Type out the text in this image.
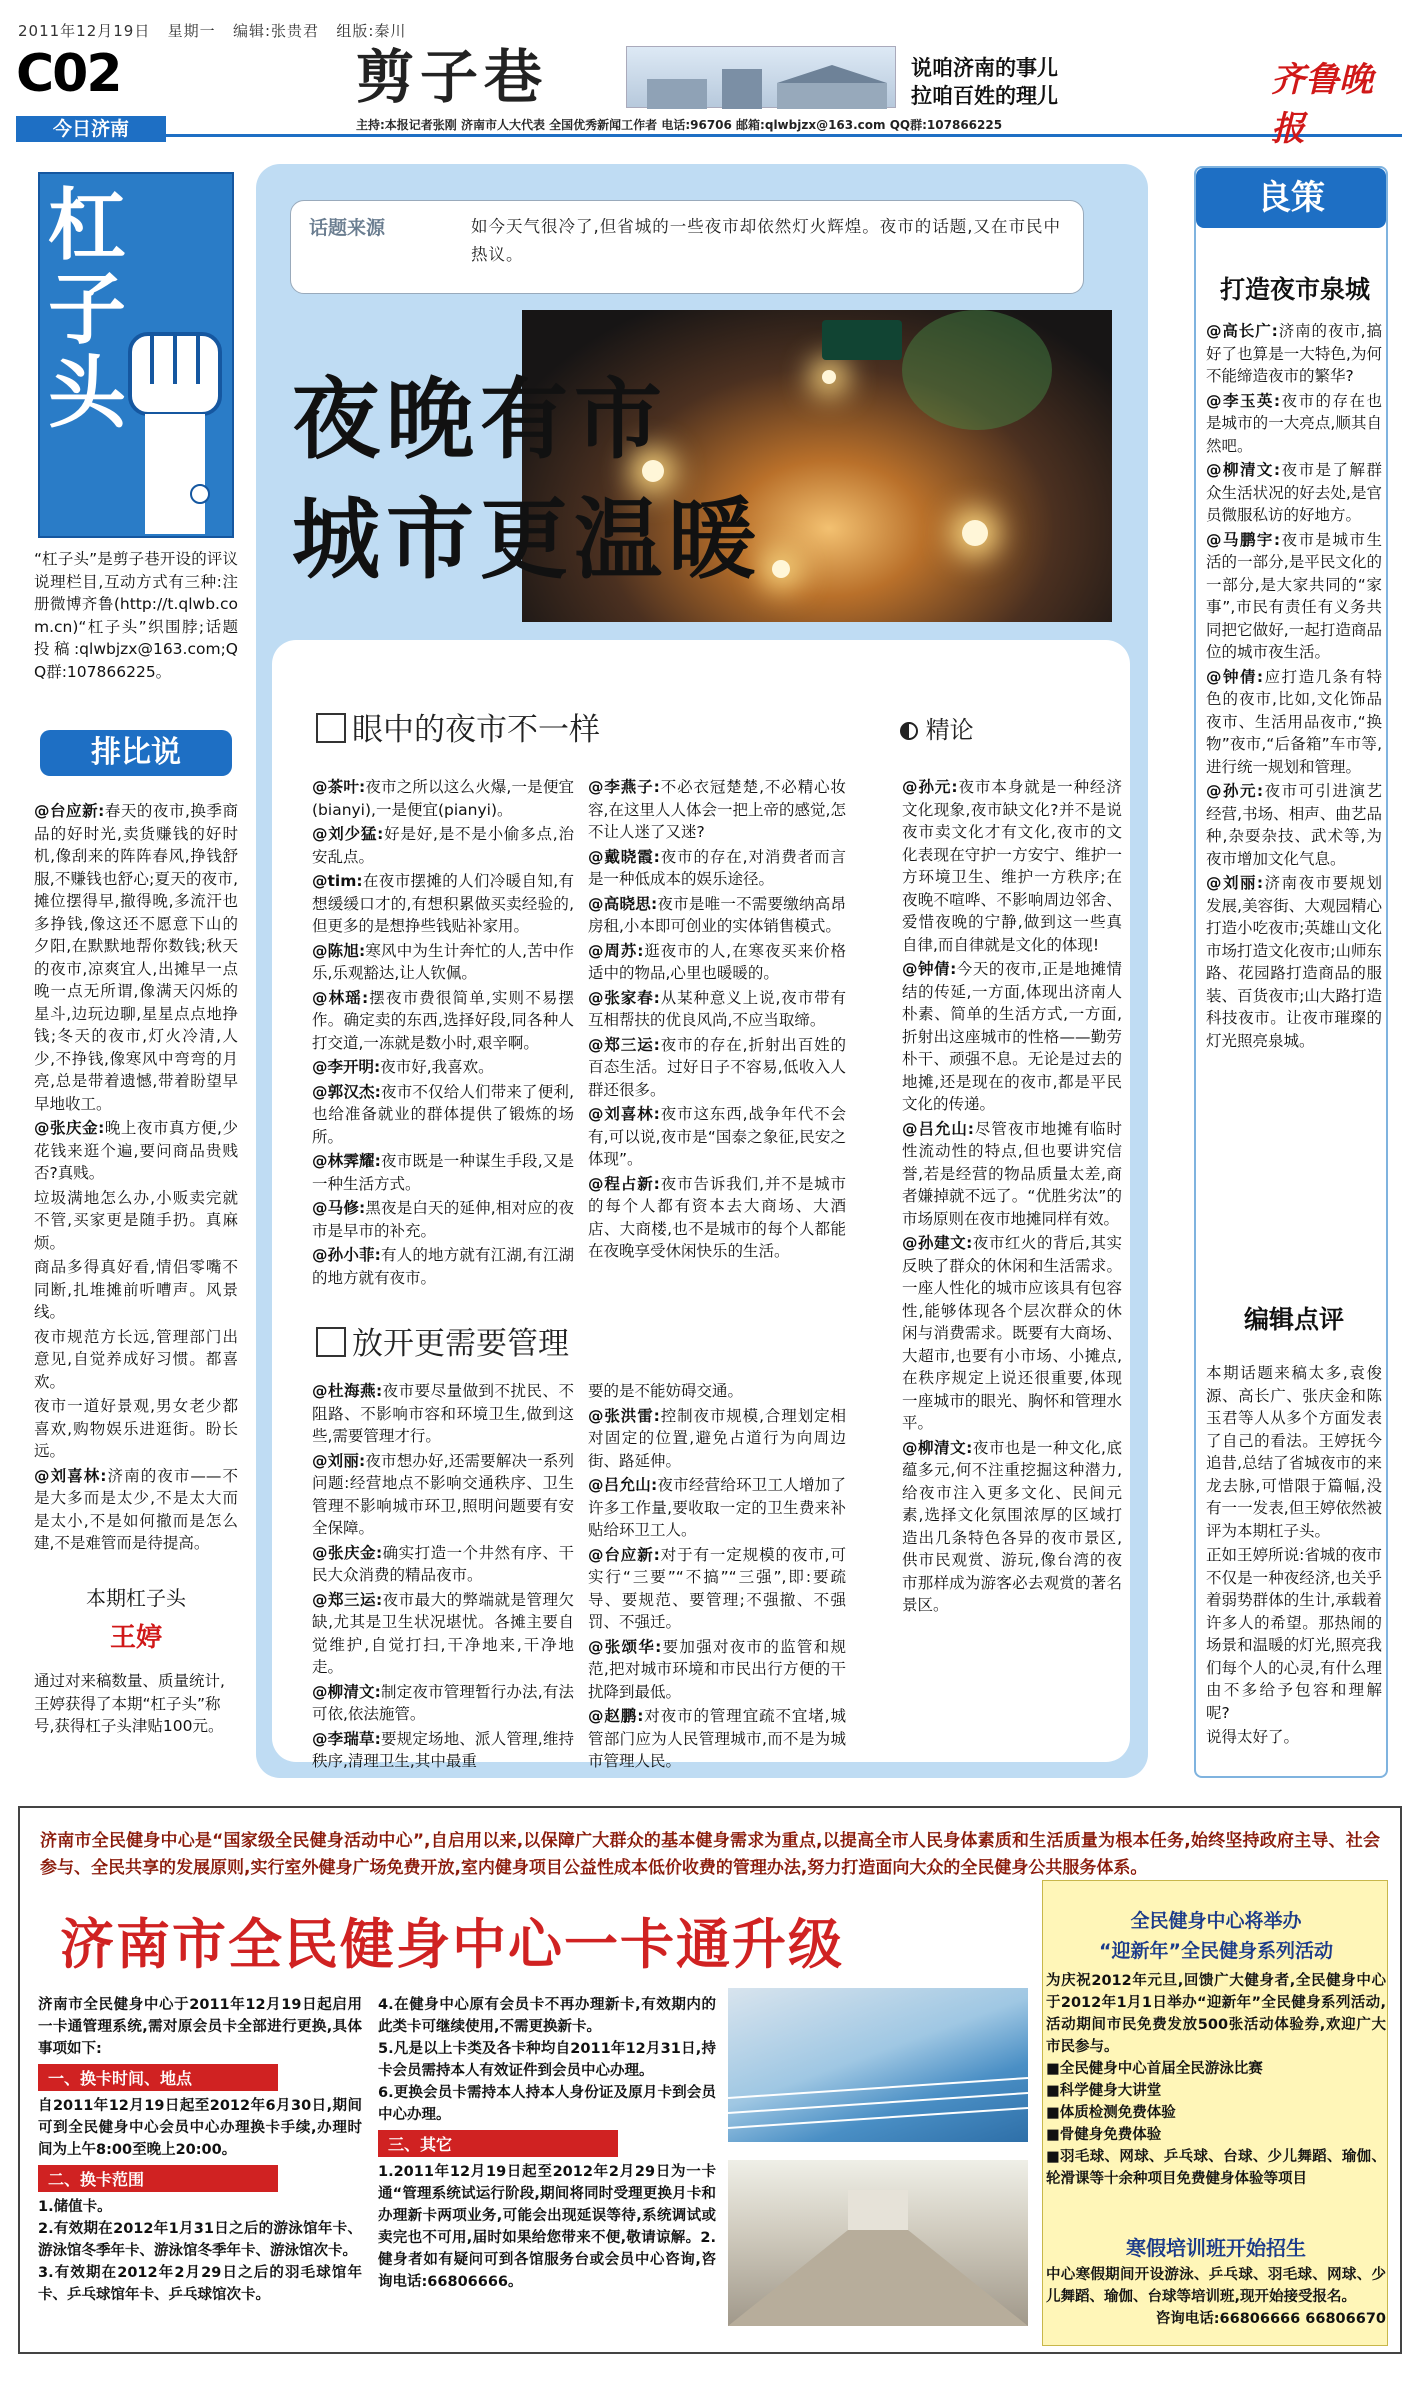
2011年12月19日 星期一 编辑:张贵君 组版:秦川
C02
今日济南
剪子巷	说咱济南的事儿
拉咱百姓的理儿	齐鲁晚报
主持:本报记者张刚 济南市人大代表 全国优秀新闻工作者 电话:96706 邮箱:qlwbjzx@163.com QQ群:107866225
杠子头

“杠子头”是剪子巷开设的评议说理栏目,互动方式有三种:注册微博齐鲁(http://t.qlwb.com.cn)“杠子头”织围脖;话题投稿:qlwbjzx@163.com;QQ群:107866225。

排比说

@台应新:春天的夜市,换季商品的好时光,卖货赚钱的好时机,像刮来的阵阵春风,挣钱舒服,不赚钱也舒心;夏天的夜市,摊位摆得早,撤得晚,多流汗也多挣钱,像这还不愿意下山的夕阳,在默默地帮你数钱;秋天的夜市,凉爽宜人,出摊早一点晚一点无所谓,像满天闪烁的星斗,边玩边聊,星星点点地挣钱;冬天的夜市,灯火冷清,人少,不挣钱,像寒风中弯弯的月亮,总是带着遗憾,带着盼望早早地收工。

@张庆金:晚上夜市真方便,少花钱来逛个遍,要问商品贵贱否?真贱。

垃圾满地怎么办,小贩卖完就不管,买家更是随手扔。真麻烦。

商品多得真好看,情侣零嘴不同断,扎堆摊前听嘈声。风景线。

夜市规范方长远,管理部门出意见,自觉养成好习惯。都喜欢。

夜市一道好景观,男女老少都喜欢,购物娱乐进逛街。盼长远。

@刘喜林:济南的夜市——不是大多而是太少,不是太大而是太小,不是如何撤而是怎么建,不是难管而是待提高。

本期杠子头
王婷

通过对来稿数量、质量统计,王婷获得了本期“杠子头”称号,获得杠子头津贴100元。

话题来源	如今天气很冷了,但省城的一些夜市却依然灯火辉煌。夜市的话题,又在市民中热议。
夜晚有市
城市更温暖
眼中的夜市不一样

@茶叶:夜市之所以这么火爆,一是便宜(bianyi),一是便宜(pianyi)。

@刘少猛:好是好,是不是小偷多点,治安乱点。

@tim:在夜市摆摊的人们冷暖自知,有想缓缓口才的,有想积累做买卖经验的,但更多的是想挣些钱贴补家用。

@陈旭:寒风中为生计奔忙的人,苦中作乐,乐观豁达,让人钦佩。

@林瑶:摆夜市费很简单,实则不易摆作。确定卖的东西,选择好段,同各种人打交道,一冻就是数小时,艰辛啊。

@李开明:夜市好,我喜欢。

@郭汉杰:夜市不仅给人们带来了便利,也给准备就业的群体提供了锻炼的场所。

@林霁耀:夜市既是一种谋生手段,又是一种生活方式。

@马修:黑夜是白天的延伸,相对应的夜市是早市的补充。

@孙小菲:有人的地方就有江湖,有江湖的地方就有夜市。

@李燕子:不必衣冠楚楚,不必精心妆容,在这里人人体会一把上帝的感觉,怎不让人迷了又迷?

@戴晓霞:夜市的存在,对消费者而言是一种低成本的娱乐途径。

@高晓思:夜市是唯一不需要缴纳高昂房租,小本即可创业的实体销售模式。

@周苏:逛夜市的人,在寒夜买来价格适中的物品,心里也暖暖的。

@张家春:从某种意义上说,夜市带有互相帮扶的优良风尚,不应当取缔。

@郑三运:夜市的存在,折射出百姓的百态生活。过好日子不容易,低收入人群还很多。

@刘喜林:夜市这东西,战争年代不会有,可以说,夜市是“国泰之象征,民安之体现”。

@程占新:夜市告诉我们,并不是城市的每个人都有资本去大商场、大酒店、大商楼,也不是城市的每个人都能在夜晚享受休闲快乐的生活。

放开更需要管理

@杜海燕:夜市要尽量做到不扰民、不阻路、不影响市容和环境卫生,做到这些,需要管理才行。

@刘丽:夜市想办好,还需要解决一系列问题:经营地点不影响交通秩序、卫生管理不影响城市环卫,照明问题要有安全保障。

@张庆金:确实打造一个井然有序、干民大众消费的精品夜市。

@郑三运:夜市最大的弊端就是管理欠缺,尤其是卫生状况堪忧。各摊主要自觉维护,自觉打扫,干净地来,干净地走。

@柳清文:制定夜市管理暂行办法,有法可依,依法施管。

@李瑞草:要规定场地、派人管理,维持秩序,清理卫生,其中最重

要的是不能妨碍交通。

@张洪雷:控制夜市规模,合理划定相对固定的位置,避免占道行为向周边街、路延伸。

@吕允山:夜市经营给环卫工人增加了许多工作量,要收取一定的卫生费来补贴给环卫工人。

@台应新:对于有一定规模的夜市,可实行“三要”“不搞”“三强”,即:要疏导、要规范、要管理;不强撤、不强罚、不强迁。

@张颂华:要加强对夜市的监管和规范,把对城市环境和市民出行方便的干扰降到最低。

@赵鹏:对夜市的管理宜疏不宜堵,城管部门应为人民管理城市,而不是为城市管理人民。

精论

@孙元:夜市本身就是一种经济文化现象,夜市缺文化?并不是说夜市卖文化才有文化,夜市的文化表现在守护一方安宁、维护一方环境卫生、维护一方秩序;在夜晚不喧哗、不影响周边邻舍、爱惜夜晚的宁静,做到这一些真自律,而自律就是文化的体现!

@钟倩:今天的夜市,正是地摊情结的传延,一方面,体现出济南人朴素、简单的生活方式,一方面,折射出这座城市的性格——勤劳朴干、顽强不息。无论是过去的地摊,还是现在的夜市,都是平民文化的传递。

@吕允山:尽管夜市地摊有临时性流动性的特点,但也要讲究信誉,若是经营的物品质量太差,商者嫌掉就不远了。“优胜劣汰”的市场原则在夜市地摊同样有效。

@孙建文:夜市红火的背后,其实反映了群众的休闲和生活需求。一座人性化的城市应该具有包容性,能够体现各个层次群众的休闲与消费需求。既要有大商场、大超市,也要有小市场、小摊点,在秩序规定上说还很重要,体现一座城市的眼光、胸怀和管理水平。

@柳清文:夜市也是一种文化,底蕴多元,何不注重挖掘这种潜力,给夜市注入更多文化、民间元素,选择文化氛围浓厚的区域打造出几条特色各异的夜市景区,供市民观赏、游玩,像台湾的夜市那样成为游客必去观赏的著名景区。

良策
打造夜市泉城

@高长广:济南的夜市,搞好了也算是一大特色,为何不能缔造夜市的繁华?

@李玉英:夜市的存在也是城市的一大亮点,顺其自然吧。

@柳清文:夜市是了解群众生活状况的好去处,是官员微服私访的好地方。

@马鹏宇:夜市是城市生活的一部分,是平民文化的一部分,是大家共同的“家事”,市民有责任有义务共同把它做好,一起打造商品位的城市夜生活。

@钟倩:应打造几条有特色的夜市,比如,文化饰品夜市、生活用品夜市,“换物”夜市,“后备箱”车市等,进行统一规划和管理。

@孙元:夜市可引进演艺经营,书场、相声、曲艺品种,杂耍杂技、武术等,为夜市增加文化气息。

@刘丽:济南夜市要规划发展,美容街、大观园精心打造小吃夜市;英雄山文化市场打造文化夜市;山师东路、花园路打造商品的服装、百货夜市;山大路打造科技夜市。让夜市璀璨的灯光照亮泉城。

编辑点评

本期话题来稿太多,袁俊源、高长广、张庆金和陈玉君等人从多个方面发表了自己的看法。王婷抚今追昔,总结了省城夜市的来龙去脉,可惜限于篇幅,没有一一发表,但王婷依然被评为本期杠子头。

正如王婷所说:省城的夜市不仅是一种夜经济,也关乎着弱势群体的生计,承载着许多人的希望。那热闹的场景和温暖的灯光,照亮我们每个人的心灵,有什么理由不多给予包容和理解呢?

说得太好了。

济南市全民健身中心是“国家级全民健身活动中心”,自启用以来,以保障广大群众的基本健身需求为重点,以提高全市人民身体素质和生活质量为根本任务,始终坚持政府主导、社会参与、全民共享的发展原则,实行室外健身广场免费开放,室内健身项目公益性成本低价收费的管理办法,努力打造面向大众的全民健身公共服务体系。
济南市全民健身中心一卡通升级

济南市全民健身中心于2011年12月19日起启用一卡通管理系统,需对原会员卡全部进行更换,具体事项如下:

一、换卡时间、地点

自2011年12月19日起至2012年6月30日,期间可到全民健身中心会员中心办理换卡手续,办理时间为上午8:00至晚上20:00。

二、换卡范围

1.储值卡。

2.有效期在2012年1月31日之后的游泳馆年卡、游泳馆冬季年卡、游泳馆冬季年卡、游泳馆次卡。

3.有效期在2012年2月29日之后的羽毛球馆年卡、乒乓球馆年卡、乒乓球馆次卡。

4.在健身中心原有会员卡不再办理新卡,有效期内的此类卡可继续使用,不需更换新卡。

5.凡是以上卡类及各卡种均自2011年12月31日,持卡会员需持本人有效证件到会员中心办理。

6.更换会员卡需持本人持本人身份证及原月卡到会员中心办理。

三、其它

1.2011年12月19日起至2012年2月29日为一卡通“管理系统试运行阶段,期间将同时受理更换月卡和办理新卡两项业务,可能会出现延误等待,系统调试或卖完也不可用,届时如果给您带来不便,敬请谅解。2.健身者如有疑问可到各馆服务台或会员中心咨询,咨询电话:66806666。

全民健身中心将举办
“迎新年”全民健身系列活动

为庆祝2012年元旦,回馈广大健身者,全民健身中心于2012年1月1日举办“迎新年”全民健身系列活动,活动期间市民免费发放500张活动体验券,欢迎广大市民参与。

■全民健身中心首届全民游泳比赛

■科学健身大讲堂

■体质检测免费体验

■骨健身免费体验

■羽毛球、网球、乒乓球、台球、少儿舞蹈、瑜伽、轮滑课等十余种项目免费健身体验等项目

寒假培训班开始招生

中心寒假期间开设游泳、乒乓球、羽毛球、网球、少儿舞蹈、瑜伽、台球等培训班,现开始接受报名。

咨询电话:66806666 66806670
